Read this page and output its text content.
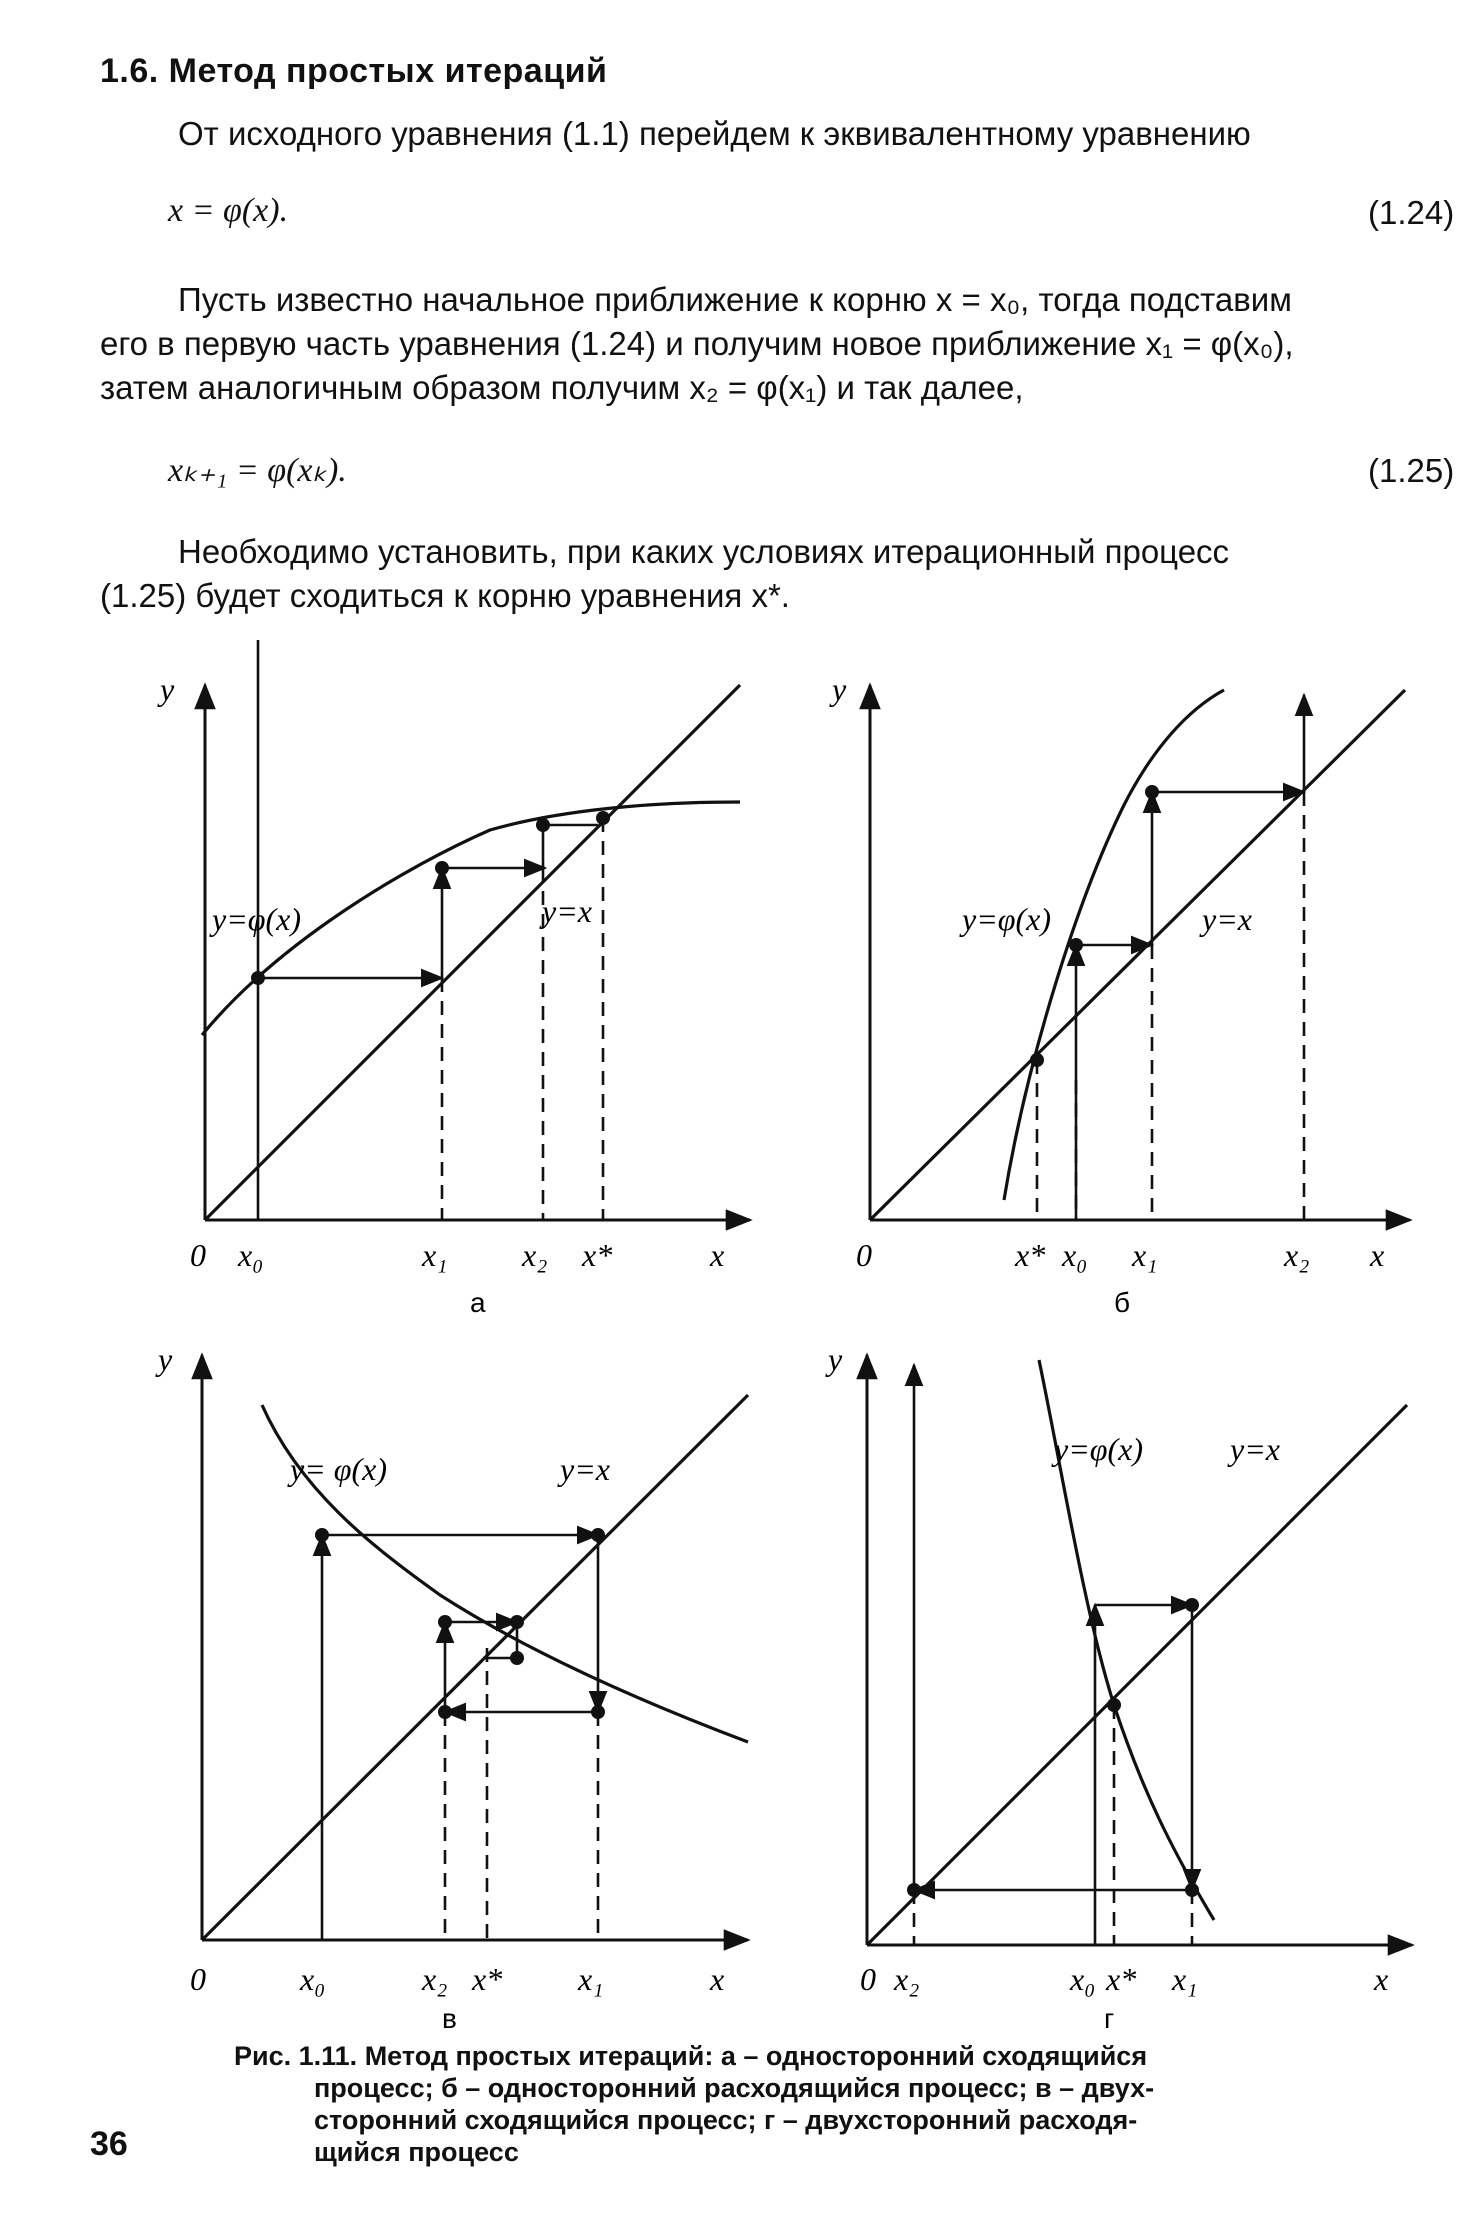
1.6. Метод простых итераций
От исходного уравнения (1.1) перейдем к эквивалентному уравнению
x = φ(x).	(1.24)
Пусть известно начальное приближение к корню x = x₀, тогда подставим
его в первую часть уравнения (1.24) и получим новое приближение x₁ = φ(x₀),
затем аналогичным образом получим x₂ = φ(x₁) и так далее,
xₖ₊₁ = φ(xₖ).	(1.25)
Необходимо установить, при каких условиях итерационный процесс
(1.25) будет сходиться к корню уравнения x*.
y
0	x
y=φ(x)	y=x
x₀	x₁ x₂ x*
а
y
0	x
y=φ(x)	y=x
x* x₀ x₁	x₂
б
y
0	x
y= φ(x)	y=x
x₀	x₂ x* x₁
в
y
0	x
y=φ(x)	y=x
x₂	x₀ x* x₁
г
Рис. 1.11. Метод простых итераций: а – односторонний сходящийся
процесс; б – односторонний расходящийся процесс; в – двух-
сторонний сходящийся процесс; г – двухсторонний расходя-
щийся процесс
36
